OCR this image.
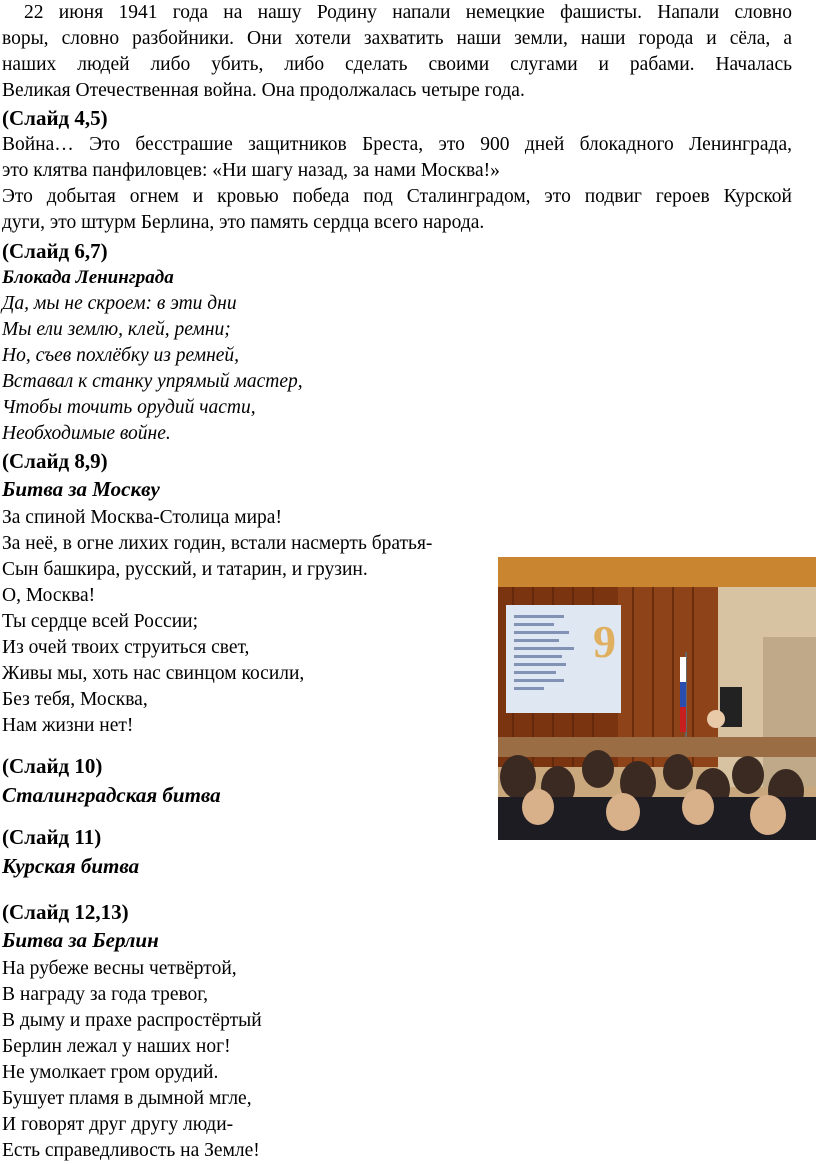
22 июня 1941 года на нашу Родину напали немецкие фашисты. Напали словно
воры, словно разбойники. Они хотели захватить наши земли, наши города и сёла, а
наших людей либо убить, либо сделать своими слугами и рабами. Началась
Великая Отечественная война. Она продолжалась четыре года.
(Слайд 4,5)
Война… Это бесстрашие защитников Бреста, это 900 дней блокадного Ленинграда,
это клятва панфиловцев: «Ни шагу назад, за нами Москва!»
Это добытая огнем и кровью победа под Сталинградом, это подвиг героев Курской
дуги, это штурм Берлина, это память сердца всего народа.
(Слайд 6,7)
Блокада Ленинграда
Да, мы не скроем: в эти дни
Мы ели землю, клей, ремни;
Но, съев похлёбку из ремней,
Вставал к станку упрямый мастер,
Чтобы точить орудий части,
Необходимые войне.
(Слайд 8,9)
Битва за Москву
За спиной Москва-Столица мира!
За неё, в огне лихих годин, встали насмерть братья-
Сын башкира, русский, и татарин, и грузин.
О, Москва!
Ты сердце всей России;
Из очей твоих струиться свет,
Живы мы, хоть нас свинцом косили,
Без тебя, Москва,
Нам жизни нет!
(Слайд 10)
Сталинградская битва
(Слайд 11)
Курская битва
(Слайд 12,13)
Битва за Берлин
На рубеже весны четвёртой,
В награду за года тревог,
В дыму и прахе распростёртый
Берлин лежал у наших ног!
Не умолкает гром орудий.
Бушует пламя в дымной мгле,
И говорят друг другу люди-
Есть справедливость на Земле!
9
